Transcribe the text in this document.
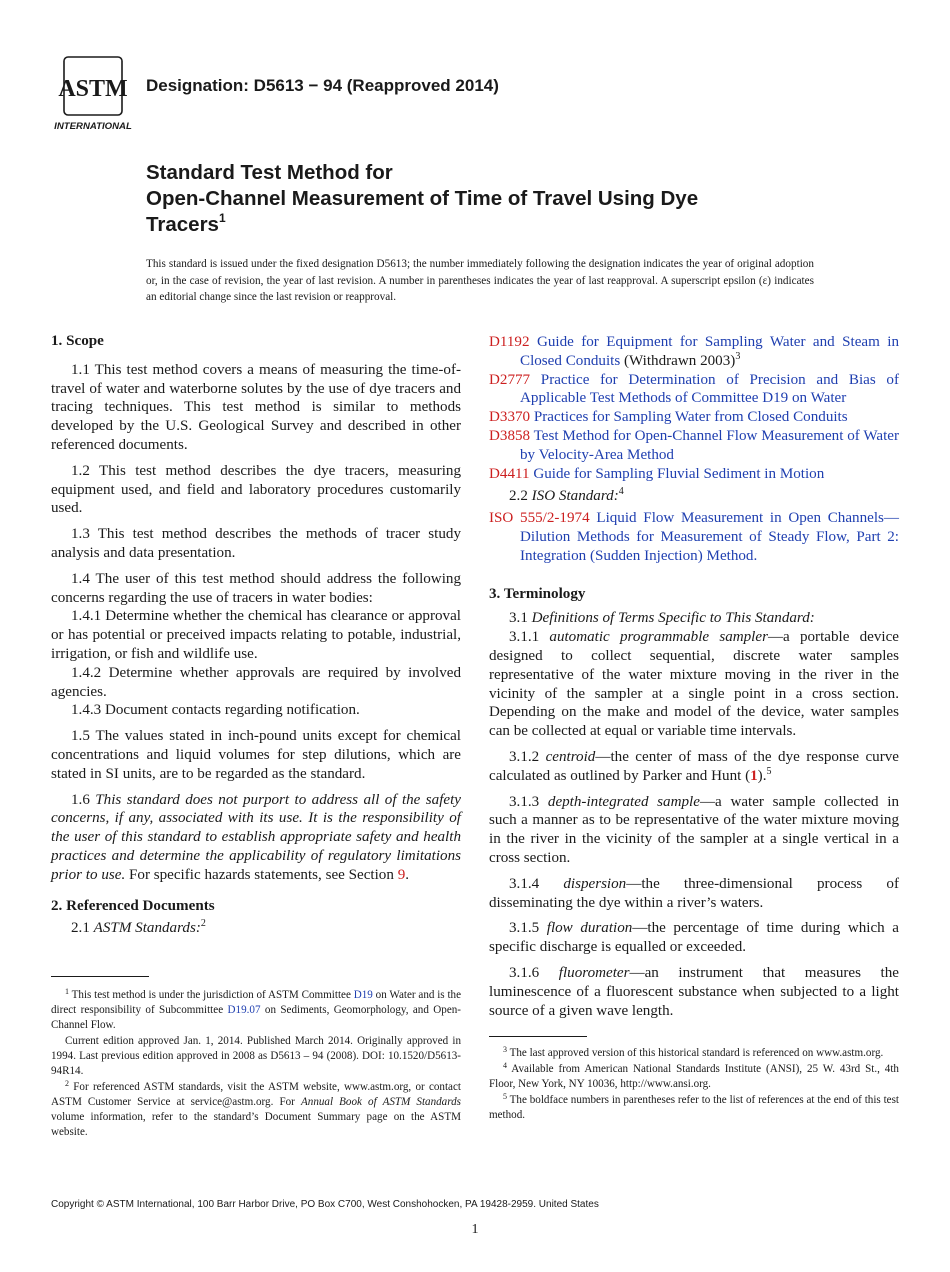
ASTM
INTERNATIONAL
Designation: D5613 − 94 (Reapproved 2014)
Standard Test Method for
Open-Channel Measurement of Time of Travel Using Dye
Tracers$^1$
This standard is issued under the fixed designation D5613; the number immediately following the designation indicates the year of original adoption or, in the case of revision, the year of last revision. A number in parentheses indicates the year of last reapproval. A superscript epsilon (ε) indicates an editorial change since the last revision or reapproval.
1. Scope

1.1 This test method covers a means of measuring the time-of-travel of water and waterborne solutes by the use of dye tracers and tracing techniques. This test method is similar to methods developed by the U.S. Geological Survey and described in other referenced documents.

1.2 This test method describes the dye tracers, measuring equipment used, and field and laboratory procedures customarily used.

1.3 This test method describes the methods of tracer study analysis and data presentation.

1.4 The user of this test method should address the following concerns regarding the use of tracers in water bodies:

1.4.1 Determine whether the chemical has clearance or approval or has potential or preceived impacts relating to potable, industrial, irrigation, or fish and wildlife use.

1.4.2 Determine whether approvals are required by involved agencies.

1.4.3 Document contacts regarding notification.

1.5 The values stated in inch-pound units except for chemical concentrations and liquid volumes for step dilutions, which are stated in SI units, are to be regarded as the standard.

1.6 This standard does not purport to address all of the safety concerns, if any, associated with its use. It is the responsibility of the user of this standard to establish appropriate safety and health practices and determine the applicability of regulatory limitations prior to use. For specific hazards statements, see Section 9.

2. Referenced Documents

2.1 ASTM Standards:$^2$

$^1$ This test method is under the jurisdiction of ASTM Committee D19 on Water and is the direct responsibility of Subcommittee D19.07 on Sediments, Geomorphology, and Open-Channel Flow.

Current edition approved Jan. 1, 2014. Published March 2014. Originally approved in 1994. Last previous edition approved in 2008 as D5613 – 94 (2008). DOI: 10.1520/D5613-94R14.

$^2$ For referenced ASTM standards, visit the ASTM website, www.astm.org, or contact ASTM Customer Service at service@astm.org. For Annual Book of ASTM Standards volume information, refer to the standard’s Document Summary page on the ASTM website.

D1192 Guide for Equipment for Sampling Water and Steam in Closed Conduits (Withdrawn 2003)$^3$

D2777 Practice for Determination of Precision and Bias of Applicable Test Methods of Committee D19 on Water

D3370 Practices for Sampling Water from Closed Conduits

D3858 Test Method for Open-Channel Flow Measurement of Water by Velocity-Area Method

D4411 Guide for Sampling Fluvial Sediment in Motion

2.2 ISO Standard:$^4$

ISO 555/2-1974 Liquid Flow Measurement in Open Channels—Dilution Methods for Measurement of Steady Flow, Part 2: Integration (Sudden Injection) Method.

3. Terminology

3.1 Definitions of Terms Specific to This Standard:

3.1.1 automatic programmable sampler—a portable device designed to collect sequential, discrete water samples representative of the water mixture moving in the river in the vicinity of the sampler at a single point in a cross section. Depending on the make and model of the device, water samples can be collected at equal or variable time intervals.

3.1.2 centroid—the center of mass of the dye response curve calculated as outlined by Parker and Hunt (1).$^5$

3.1.3 depth-integrated sample—a water sample collected in such a manner as to be representative of the water mixture moving in the river in the vicinity of the sampler at a single vertical in a cross section.

3.1.4 dispersion—the three-dimensional process of disseminating the dye within a river’s waters.

3.1.5 flow duration—the percentage of time during which a specific discharge is equalled or exceeded.

3.1.6 fluorometer—an instrument that measures the luminescence of a fluorescent substance when subjected to a light source of a given wave length.

$^3$ The last approved version of this historical standard is referenced on www.astm.org.

$^4$ Available from American National Standards Institute (ANSI), 25 W. 43rd St., 4th Floor, New York, NY 10036, http://www.ansi.org.

$^5$ The boldface numbers in parentheses refer to the list of references at the end of this test method.

Copyright © ASTM International, 100 Barr Harbor Drive, PO Box C700, West Conshohocken, PA 19428-2959. United States
1
